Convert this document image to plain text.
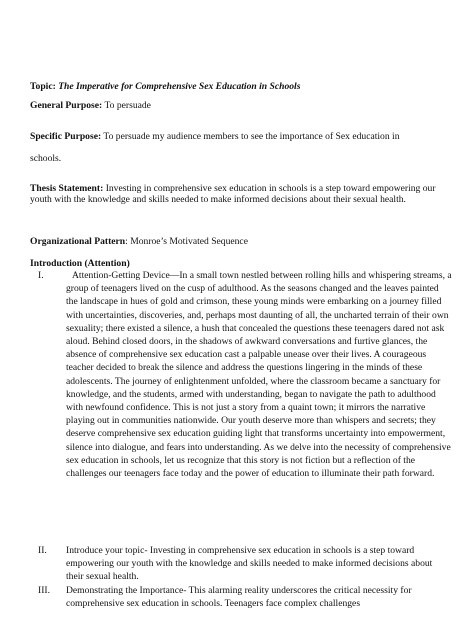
Topic: The Imperative for Comprehensive Sex Education in Schools
General Purpose: To persuade
Specific Purpose: To persuade my audience members to see the importance of Sex education in
schools.
Thesis Statement: Investing in comprehensive sex education in schools is a step toward empowering our youth with the knowledge and skills needed to make informed decisions about their sexual health.
Organizational Pattern: Monroe’s Motivated Sequence
Introduction (Attention)
I.	Attention-Getting Device—In a small town nestled between rolling hills and whispering streams, a group of teenagers lived on the cusp of adulthood. As the seasons changed and the leaves painted the landscape in hues of gold and crimson, these young minds were embarking on a journey filled with uncertainties, discoveries, and, perhaps most daunting of all, the uncharted terrain of their own sexuality; there existed a silence, a hush that concealed the questions these teenagers dared not ask aloud. Behind closed doors, in the shadows of awkward conversations and furtive glances, the absence of comprehensive sex education cast a palpable unease over their lives. A courageous teacher decided to break the silence and address the questions lingering in the minds of these adolescents. The journey of enlightenment unfolded, where the classroom became a sanctuary for knowledge, and the students, armed with understanding, began to navigate the path to adulthood with newfound confidence. This is not just a story from a quaint town; it mirrors the narrative playing out in communities nationwide. Our youth deserve more than whispers and secrets; they deserve comprehensive sex education guiding light that transforms uncertainty into empowerment, silence into dialogue, and fears into understanding. As we delve into the necessity of comprehensive sex education in schools, let us recognize that this story is not fiction but a reflection of the challenges our teenagers face today and the power of education to illuminate their path forward.
II. Introduce your topic- Investing in comprehensive sex education in schools is a step toward empowering our youth with the knowledge and skills needed to make informed decisions about their sexual health.
III. Demonstrating the Importance- This alarming reality underscores the critical necessity for comprehensive sex education in schools. Teenagers face complex challenges
